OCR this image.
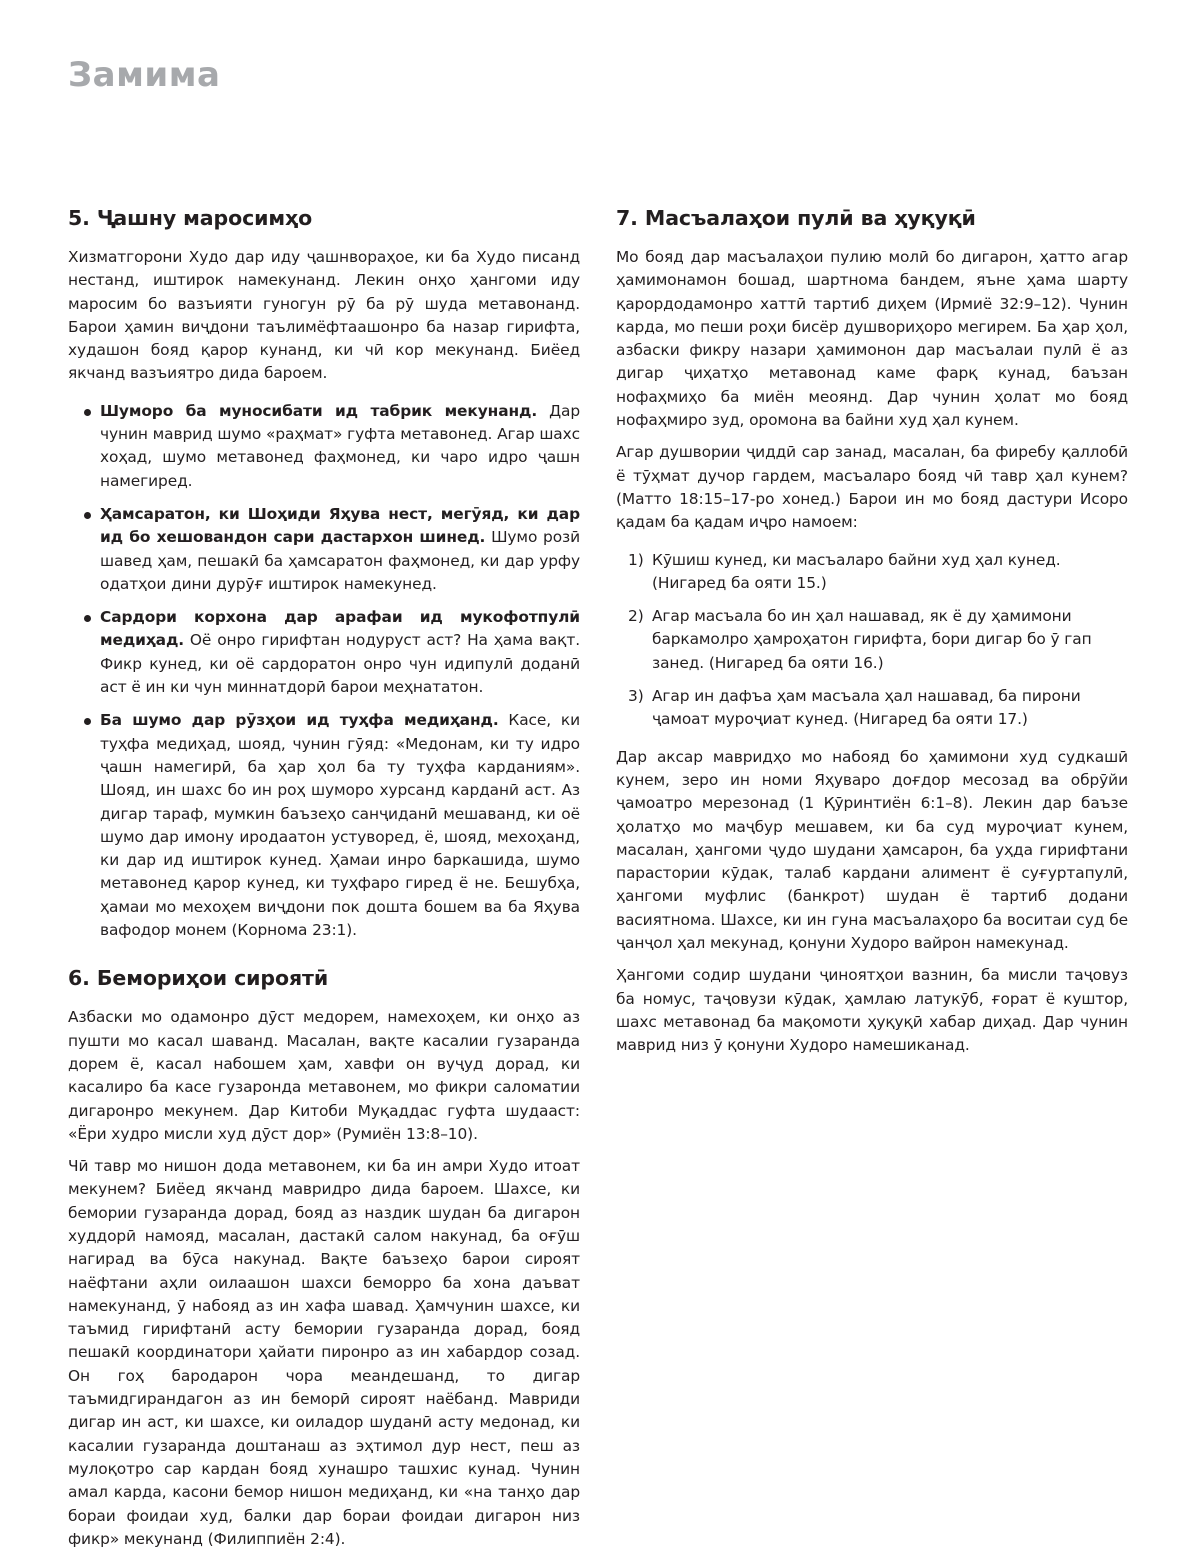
Замима
5. Ҷашну маросимҳо

Хизматгорони Худо дар иду ҷашнвораҳое, ки ба Худо писанд нестанд, иштирок намекунанд. Лекин онҳо ҳангоми иду маросим бо вазъияти гуногун рӯ ба рӯ шуда метавонанд. Барои ҳамин виҷдони таълимёфтаашонро ба назар гирифта, худашон бояд қарор кунанд, ки чӣ кор мекунанд. Биёед якчанд вазъиятро дида бароем.

Шуморо ба муносибати ид табрик мекунанд. Дар чунин маврид шумо «раҳмат» гуфта метавонед. Агар шахс хоҳад, шумо метавонед фаҳмонед, ки чаро идро ҷашн намегиред.
Ҳамсаратон, ки Шоҳиди Яҳува нест, мегӯяд, ки дар ид бо хешовандон сари дастархон шинед. Шумо розӣ шавед ҳам, пешакӣ ба ҳамсаратон фаҳмонед, ки дар урфу одатҳои дини дурӯғ иштирок намекунед.
Сардори корхона дар арафаи ид мукофотпулӣ медиҳад. Оё онро гирифтан нодуруст аст? На ҳама вақт. Фикр кунед, ки оё сардоратон онро чун идипулӣ доданӣ аст ё ин ки чун миннатдорӣ барои меҳнататон.
Ба шумо дар рӯзҳои ид туҳфа медиҳанд. Касе, ки туҳфа медиҳад, шояд, чунин гӯяд: «Медонам, ки ту идро ҷашн намегирӣ, ба ҳар ҳол ба ту туҳфа карданиям». Шояд, ин шахс бо ин роҳ шуморо хурсанд карданӣ аст. Аз дигар тараф, мумкин баъзеҳо санҷиданӣ мешаванд, ки оё шумо дар имону иродаатон устуворед, ё, шояд, мехоҳанд, ки дар ид иштирок кунед. Ҳамаи инро баркашида, шумо метавонед қарор кунед, ки туҳфаро гиред ё не. Бешубҳа, ҳамаи мо мехоҳем виҷдони пок дошта бошем ва ба Яҳува вафодор монем (Корнома 23:1).
6. Бемориҳои сироятӣ

Азбаски мо одамонро дӯст медорем, намехоҳем, ки онҳо аз пушти мо касал шаванд. Масалан, вақте касалии гузаранда дорем ё, касал набошем ҳам, хавфи он вуҷуд дорад, ки касалиро ба касе гузаронда метавонем, мо фикри саломатии дигаронро мекунем. Дар Китоби Муқаддас гуфта шудааст: «Ёри худро мисли худ дӯст дор» (Румиён 13:8–10).

Чӣ тавр мо нишон дода метавонем, ки ба ин амри Худо итоат мекунем? Биёед якчанд мавридро дида бароем. Шахсе, ки бемории гузаранда дорад, бояд аз наздик шудан ба дигарон худдорӣ намояд, масалан, дастакӣ салом накунад, ба оғӯш нагирад ва бӯса накунад. Вақте баъзеҳо барои сироят наёфтани аҳли оилаашон шахси беморро ба хона даъват намекунанд, ӯ набояд аз ин хафа шавад. Ҳамчунин шахсе, ки таъмид гирифтанӣ асту бемории гузаранда дорад, бояд пешакӣ координатори ҳайати пиронро аз ин хабардор созад. Он гоҳ бародарон чора меандешанд, то дигар таъмидгирандагон аз ин беморӣ сироят наёбанд. Мавриди дигар ин аст, ки шахсе, ки оиладор шуданӣ асту медонад, ки касалии гузаранда доштанаш аз эҳтимол дур нест, пеш аз мулоқотро сар кардан бояд хунашро ташхис кунад. Чунин амал карда, касони бемор нишон медиҳанд, ки «на танҳо дар бораи фоидаи худ, балки дар бораи фоидаи дигарон низ фикр» мекунанд (Филиппиён 2:4).

7. Масъалаҳои пулӣ ва ҳуқуқӣ

Мо бояд дар масъалаҳои пулию молӣ бо дигарон, ҳатто агар ҳамимонамон бошад, шартнома бандем, яъне ҳама шарту қарордодамонро хаттӣ тартиб диҳем (Ирмиё 32:9–12). Чунин карда, мо пеши роҳи бисёр душвориҳоро мегирем. Ба ҳар ҳол, азбаски фикру назари ҳамимонон дар масъалаи пулӣ ё аз дигар ҷиҳатҳо метавонад каме фарқ кунад, баъзан нофаҳмиҳо ба миён меоянд. Дар чунин ҳолат мо бояд нофаҳмиро зуд, оромона ва байни худ ҳал кунем.

Агар душвории ҷиддӣ сар занад, масалан, ба фиребу қаллобӣ ё тӯҳмат дучор гардем, масъаларо бояд чӣ тавр ҳал кунем? (Матто 18:15–17-ро хонед.) Барои ин мо бояд дастури Исоро қадам ба қадам иҷро намоем:

1) Кӯшиш кунед, ки масъаларо байни худ ҳал кунед. (Нигаред ба ояти 15.)
2) Агар масъала бо ин ҳал нашавад, як ё ду ҳамимони баркамолро ҳамроҳатон гирифта, бори дигар бо ӯ гап занед. (Нигаред ба ояти 16.)
3) Агар ин дафъа ҳам масъала ҳал нашавад, ба пирони ҷамоат муроҷиат кунед. (Нигаред ба ояти 17.)

Дар аксар мавридҳо мо набояд бо ҳамимони худ судкашӣ кунем, зеро ин номи Яҳуваро доғдор месозад ва обрӯйи ҷамоатро мерезонад (1 Қӯринтиён 6:1–8). Лекин дар баъзе ҳолатҳо мо маҷбур мешавем, ки ба суд муроҷиат кунем, масалан, ҳангоми ҷудо шудани ҳамсарон, ба уҳда гирифтани парастории кӯдак, талаб кардани алимент ё суғуртапулӣ, ҳангоми муфлис (банкрот) шудан ё тартиб додани васиятнома. Шахсе, ки ин гуна масъалаҳоро ба воситаи суд бе ҷанҷол ҳал мекунад, қонуни Худоро вайрон намекунад.

Ҳангоми содир шудани ҷиноятҳои вазнин, ба мисли таҷовуз ба номус, таҷовузи кӯдак, ҳамлаю латукӯб, ғорат ё куштор, шахс метавонад ба мақомоти ҳуқуқӣ хабар диҳад. Дар чунин маврид низ ӯ қонуни Худоро намешиканад.
